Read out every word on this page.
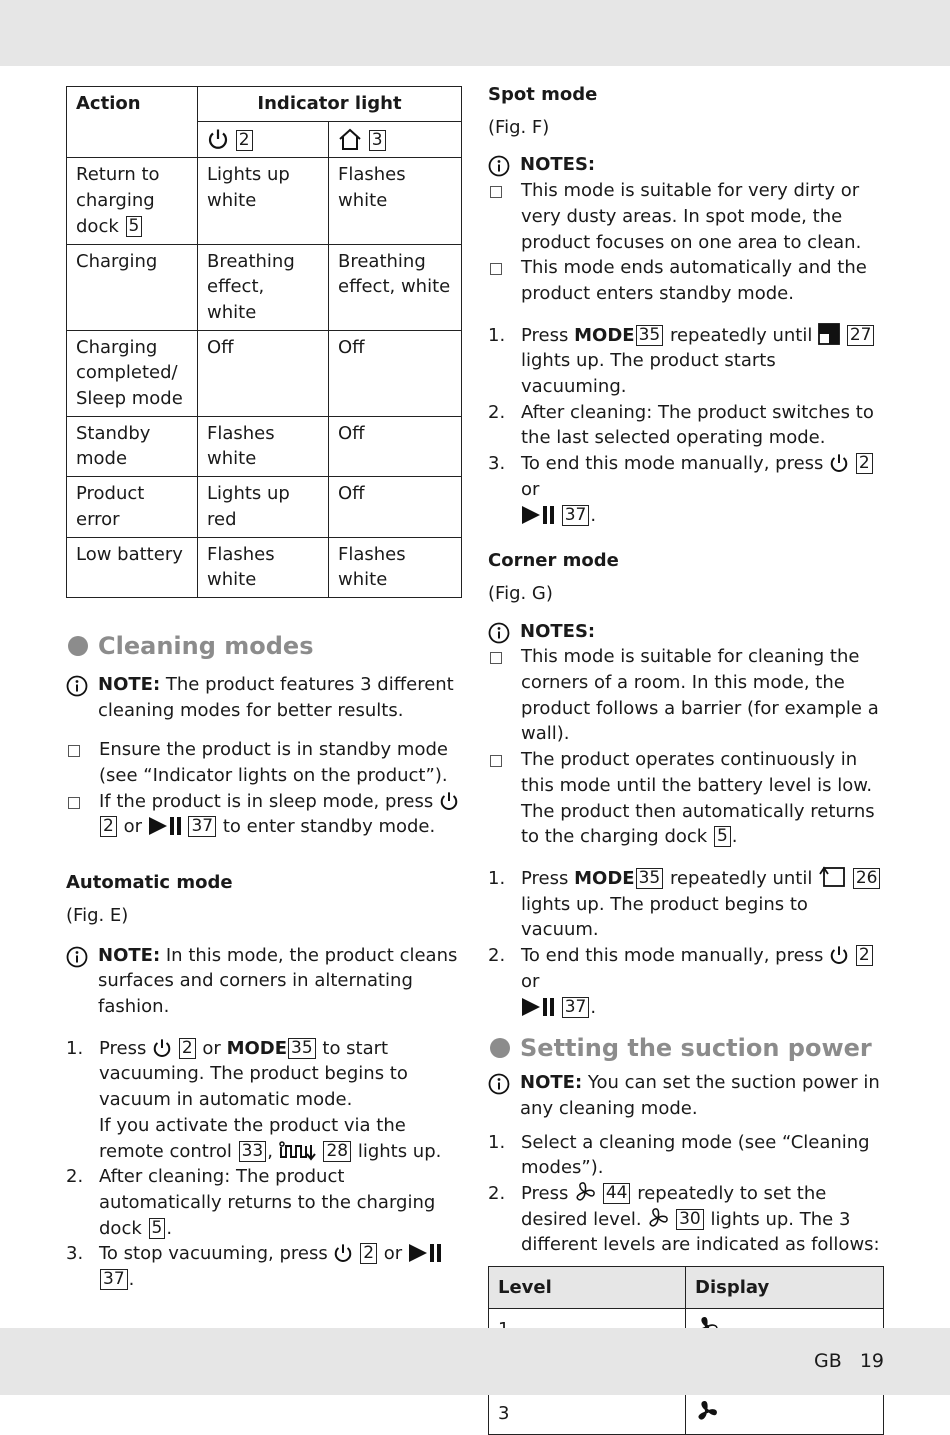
Action	Indicator light	
	2	3
Return to charging dock 5	Lights up white	Flashes white
Charging	Breathing effect, white	Breathing effect, white
Charging completed/ Sleep mode	Off	Off
Standby mode	Flashes white	Off
Product error	Lights up red	Off
Low battery	Flashes white	Flashes white
Cleaning modes
NOTE: The product features 3 different cleaning modes for better results.
Ensure the product is in standby mode (see “Indicator lights on the product”).
If the product is in sleep mode, press  2 or	37 to enter standby mode.
Automatic mode
(Fig. E)
NOTE: In this mode, the product cleans surfaces and corners in alternating fashion.
1. Press 2 or MODE 35 to start vacuuming. The product begins to vacuum in automatic mode.
If you activate the product via the remote control 33 ,	28 lights up.
2. After cleaning: The product automatically returns to the charging dock 5 .
3. To stop vacuuming, press 2 or  37 .
Spot mode
(Fig. F)
NOTES:
This mode is suitable for very dirty or very dusty areas. In spot mode, the product focuses on one area to clean.
This mode ends automatically and the product enters standby mode.
1. Press MODE 35 repeatedly until 27 lights up. The product starts vacuuming.
2. After cleaning: The product switches to the last selected operating mode.
3. To end this mode manually, press 2 or
37 .
Corner mode
(Fig. G)
NOTES:
This mode is suitable for cleaning the corners of a room. In this mode, the product follows a barrier (for example a wall).
The product operates continuously in this mode until the battery level is low. The product then automatically returns to the charging dock 5 .
1. Press MODE 35 repeatedly until	26 lights up. The product begins to vacuum.
2. To end this mode manually, press 2 or
37 .
Setting the suction power
NOTE: You can set the suction power in any cleaning mode.
1. Select a cleaning mode (see “Cleaning modes”).
2. Press 44 repeatedly to set the desired level. 30 lights up. The 3 different levels are indicated as follows:
Level	Display

3	
GB 19
